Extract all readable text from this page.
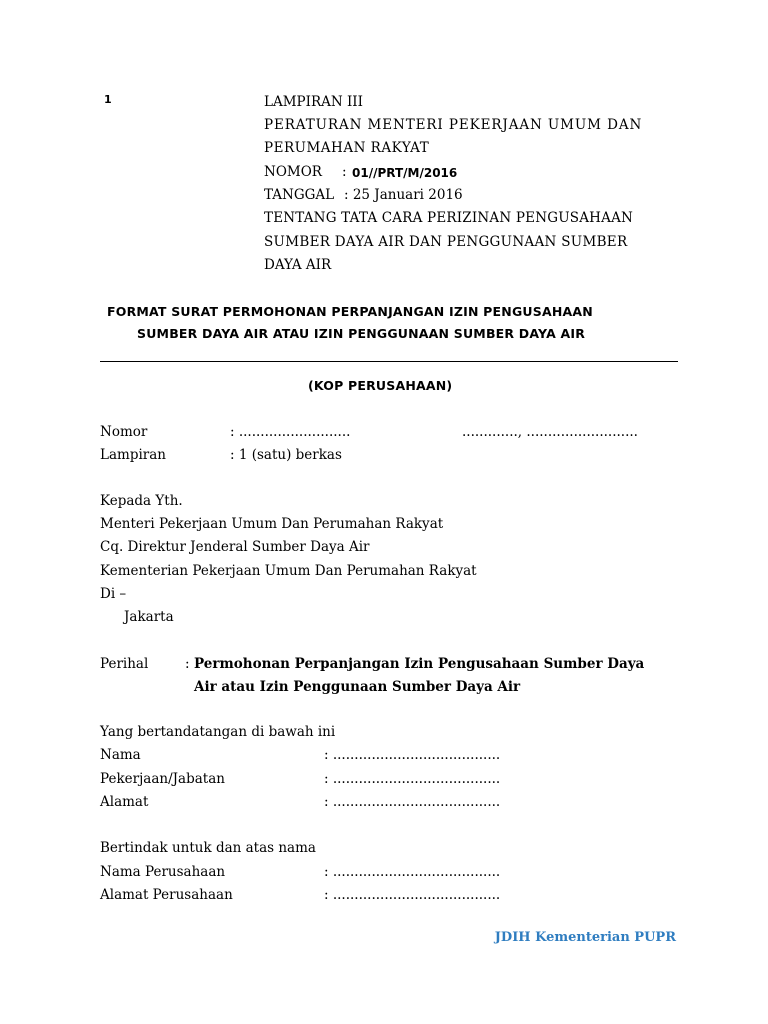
1	LAMPIRAN III
PERATURAN MENTERI PEKERJAAN UMUM DAN
PERUMAHAN RAKYAT
NOMOR : 01//PRT/M/2016
TANGGAL : 25 Januari 2016
TENTANG TATA CARA PERIZINAN PENGUSAHAAN
SUMBER DAYA AIR DAN PENGGUNAAN SUMBER
DAYA AIR
FORMAT SURAT PERMOHONAN PERPANJANGAN IZIN PENGUSAHAAN
SUMBER DAYA AIR ATAU IZIN PENGGUNAAN SUMBER DAYA AIR
(KOP PERUSAHAAN)
Nomor	: ..........................	............., ..........................
Lampiran	: 1 (satu) berkas
Kepada Yth.
Menteri Pekerjaan Umum Dan Perumahan Rakyat
Cq. Direktur Jenderal Sumber Daya Air
Kementerian Pekerjaan Umum Dan Perumahan Rakyat
Di –
Jakarta
Perihal	: Permohonan Perpanjangan Izin Pengusahaan Sumber Daya
Air atau Izin Penggunaan Sumber Daya Air
Yang bertandatangan di bawah ini
Nama	: .......................................
Pekerjaan/Jabatan	: .......................................
Alamat	: .......................................
Bertindak untuk dan atas nama
Nama Perusahaan	: .......................................
Alamat Perusahaan	: .......................................
JDIH Kementerian PUPR
